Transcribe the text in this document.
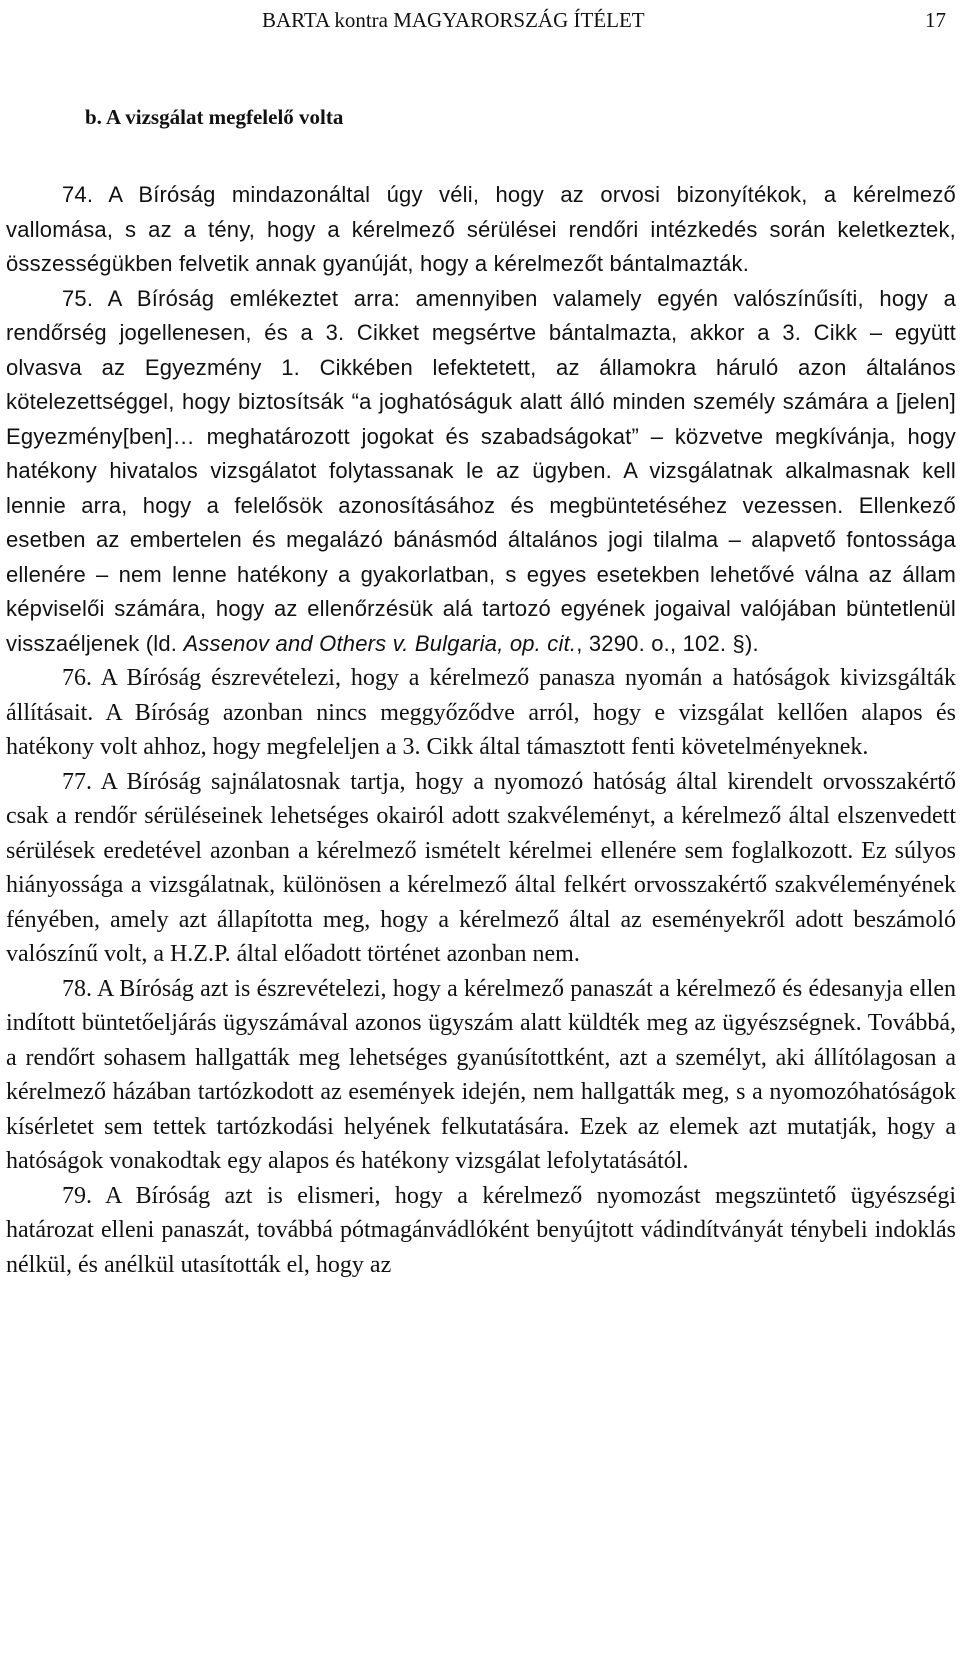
BARTA kontra MAGYARORSZÁG ÍTÉLET	17
b. A vizsgálat megfelelő volta

74. A Bíróság mindazonáltal úgy véli, hogy az orvosi bizonyítékok, a kérelmező vallomása, s az a tény, hogy a kérelmező sérülései rendőri intézkedés során keletkeztek, összességükben felvetik annak gyanúját, hogy a kérelmezőt bántalmazták.

75. A Bíróság emlékeztet arra: amennyiben valamely egyén valószínűsíti, hogy a rendőrség jogellenesen, és a 3. Cikket megsértve bántalmazta, akkor a 3. Cikk – együtt olvasva az Egyezmény 1. Cikkében lefektetett, az államokra háruló azon általános kötelezettséggel, hogy biztosítsák “a joghatóságuk alatt álló minden személy számára a [jelen] Egyezmény[ben]… meghatározott jogokat és szabadságokat” – közvetve megkívánja, hogy hatékony hivatalos vizsgálatot folytassanak le az ügyben. A vizsgálatnak alkalmasnak kell lennie arra, hogy a felelősök azonosításához és megbüntetéséhez vezessen. Ellenkező esetben az embertelen és megalázó bánásmód általános jogi tilalma – alapvető fontossága ellenére – nem lenne hatékony a gyakorlatban, s egyes esetekben lehetővé válna az állam képviselői számára, hogy az ellenőrzésük alá tartozó egyének jogaival valójában büntetlenül visszaéljenek (ld. Assenov and Others v. Bulgaria, op. cit., 3290. o., 102. §).

76. A Bíróság észrevételezi, hogy a kérelmező panasza nyomán a hatóságok kivizsgálták állításait. A Bíróság azonban nincs meggyőződve arról, hogy e vizsgálat kellően alapos és hatékony volt ahhoz, hogy megfeleljen a 3. Cikk által támasztott fenti követelményeknek.

77. A Bíróság sajnálatosnak tartja, hogy a nyomozó hatóság által kirendelt orvosszakértő csak a rendőr sérüléseinek lehetséges okairól adott szakvéleményt, a kérelmező által elszenvedett sérülések eredetével azonban a kérelmező ismételt kérelmei ellenére sem foglalkozott. Ez súlyos hiányossága a vizsgálatnak, különösen a kérelmező által felkért orvosszakértő szakvéleményének fényében, amely azt állapította meg, hogy a kérelmező által az eseményekről adott beszámoló valószínű volt, a H.Z.P. által előadott történet azonban nem.

78. A Bíróság azt is észrevételezi, hogy a kérelmező panaszát a kérelmező és édesanyja ellen indított büntetőeljárás ügyszámával azonos ügyszám alatt küldték meg az ügyészségnek. Továbbá, a rendőrt sohasem hallgatták meg lehetséges gyanúsítottként, azt a személyt, aki állítólagosan a kérelmező házában tartózkodott az események idején, nem hallgatták meg, s a nyomozóhatóságok kísérletet sem tettek tartózkodási helyének felkutatására. Ezek az elemek azt mutatják, hogy a hatóságok vonakodtak egy alapos és hatékony vizsgálat lefolytatásától.

79. A Bíróság azt is elismeri, hogy a kérelmező nyomozást megszüntető ügyészségi határozat elleni panaszát, továbbá pótmagánvádlóként benyújtott vádindítványát ténybeli indoklás nélkül, és anélkül utasították el, hogy az
